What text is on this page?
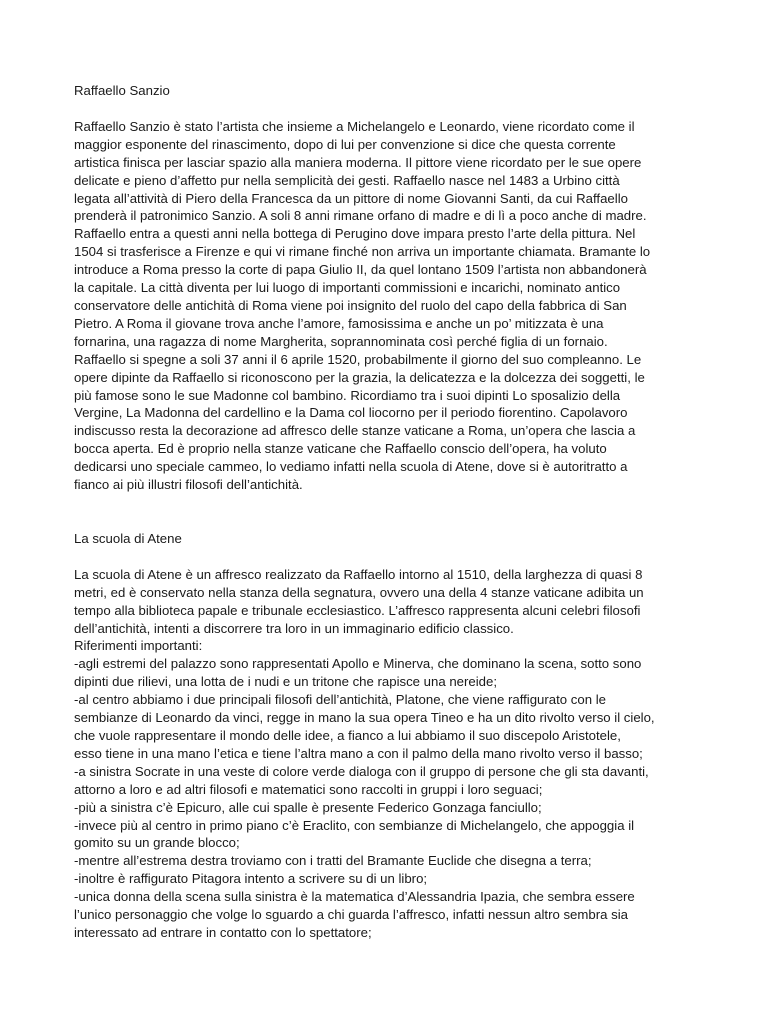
Raffaello Sanzio

Raffaello Sanzio è stato l’artista che insieme a Michelangelo e Leonardo, viene ricordato come il
maggior esponente del rinascimento, dopo di lui per convenzione si dice che questa corrente
artistica finisca per lasciar spazio alla maniera moderna. Il pittore viene ricordato per le sue opere
delicate e pieno d’affetto pur nella semplicità dei gesti. Raffaello nasce nel 1483 a Urbino città
legata all’attività di Piero della Francesca da un pittore di nome Giovanni Santi, da cui Raffaello
prenderà il patronimico Sanzio. A soli 8 anni rimane orfano di madre e di lì a poco anche di madre.
Raffaello entra a questi anni nella bottega di Perugino dove impara presto l’arte della pittura. Nel
1504 si trasferisce a Firenze e qui vi rimane finché non arriva un importante chiamata. Bramante lo
introduce a Roma presso la corte di papa Giulio II, da quel lontano 1509 l’artista non abbandonerà
la capitale. La città diventa per lui luogo di importanti commissioni e incarichi, nominato antico
conservatore delle antichità di Roma viene poi insignito del ruolo del capo della fabbrica di San
Pietro. A Roma il giovane trova anche l’amore, famosissima e anche un po’ mitizzata è una
fornarina, una ragazza di nome Margherita, soprannominata così perché figlia di un fornaio.
Raffaello si spegne a soli 37 anni il 6 aprile 1520, probabilmente il giorno del suo compleanno. Le
opere dipinte da Raffaello si riconoscono per la grazia, la delicatezza e la dolcezza dei soggetti, le
più famose sono le sue Madonne col bambino. Ricordiamo tra i suoi dipinti Lo sposalizio della
Vergine, La Madonna del cardellino e la Dama col liocorno per il periodo fiorentino. Capolavoro
indiscusso resta la decorazione ad affresco delle stanze vaticane a Roma, un’opera che lascia a
bocca aperta. Ed è proprio nella stanze vaticane che Raffaello conscio dell’opera, ha voluto
dedicarsi uno speciale cammeo, lo vediamo infatti nella scuola di Atene, dove si è autoritratto a
fianco ai più illustri filosofi dell’antichità.

La scuola di Atene

La scuola di Atene è un affresco realizzato da Raffaello intorno al 1510, della larghezza di quasi 8
metri, ed è conservato nella stanza della segnatura, ovvero una della 4 stanze vaticane adibita un
tempo alla biblioteca papale e tribunale ecclesiastico. L’affresco rappresenta alcuni celebri filosofi
dell’antichità, intenti a discorrere tra loro in un immaginario edificio classico.
Riferimenti importanti:
-agli estremi del palazzo sono rappresentati Apollo e Minerva, che dominano la scena, sotto sono
dipinti due rilievi, una lotta de i nudi e un tritone che rapisce una nereide;
-al centro abbiamo i due principali filosofi dell’antichità, Platone, che viene raffigurato con le
sembianze di Leonardo da vinci, regge in mano la sua opera Tineo e ha un dito rivolto verso il cielo,
che vuole rappresentare il mondo delle idee, a fianco a lui abbiamo il suo discepolo Aristotele,
esso tiene in una mano l’etica e tiene l’altra mano a con il palmo della mano rivolto verso il basso;
-a sinistra Socrate in una veste di colore verde dialoga con il gruppo di persone che gli sta davanti,
attorno a loro e ad altri filosofi e matematici sono raccolti in gruppi i loro seguaci;
-più a sinistra c’è Epicuro, alle cui spalle è presente Federico Gonzaga fanciullo;
-invece più al centro in primo piano c’è Eraclito, con sembianze di Michelangelo, che appoggia il
gomito su un grande blocco;
-mentre all’estrema destra troviamo con i tratti del Bramante Euclide che disegna a terra;
-inoltre è raffigurato Pitagora intento a scrivere su di un libro;
-unica donna della scena sulla sinistra è la matematica d’Alessandria Ipazia, che sembra essere
l’unico personaggio che volge lo sguardo a chi guarda l’affresco, infatti nessun altro sembra sia
interessato ad entrare in contatto con lo spettatore;
